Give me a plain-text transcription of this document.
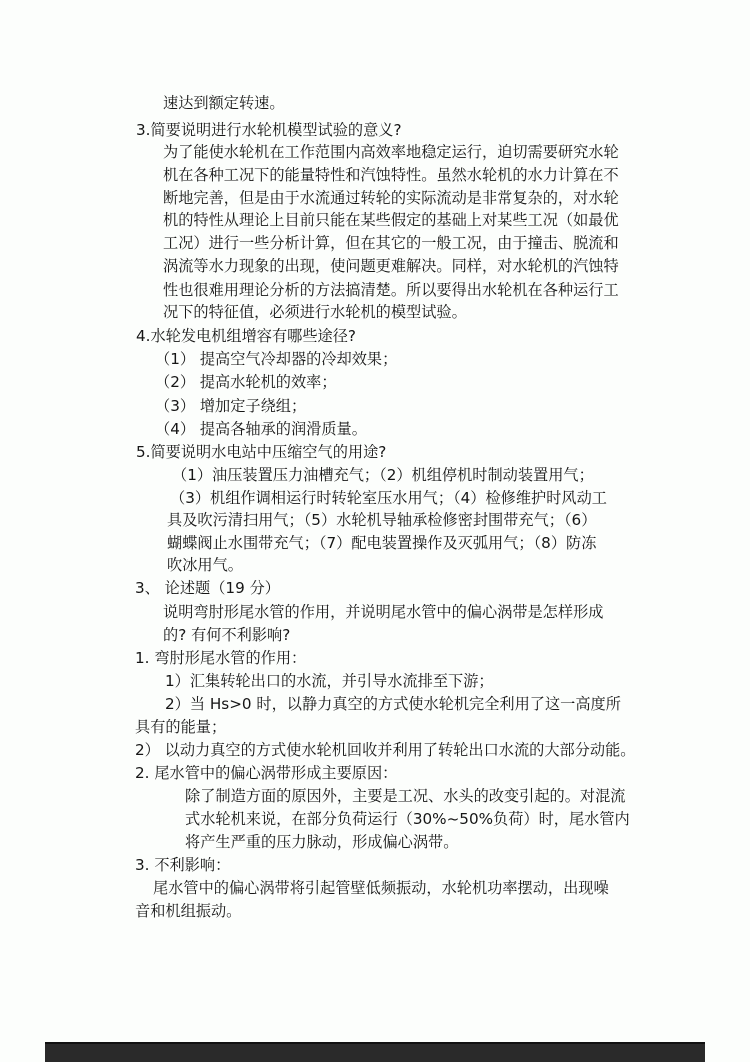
速达到额定转速。
3.简要说明进行水轮机模型试验的意义?
为了能使水轮机在工作范围内高效率地稳定运行，迫切需要研究水轮
机在各种工况下的能量特性和汽蚀特性。虽然水轮机的水力计算在不
断地完善，但是由于水流通过转轮的实际流动是非常复杂的，对水轮
机的特性从理论上目前只能在某些假定的基础上对某些工况（如最优
工况）进行一些分析计算，但在其它的一般工况，由于撞击、脱流和
涡流等水力现象的出现，使问题更难解决。同样，对水轮机的汽蚀特
性也很难用理论分析的方法搞清楚。所以要得出水轮机在各种运行工
况下的特征值，必须进行水轮机的模型试验。
4.水轮发电机组增容有哪些途径?
（1） 提高空气冷却器的冷却效果；
（2） 提高水轮机的效率；
（3） 增加定子绕组；
（4） 提高各轴承的润滑质量。
5.简要说明水电站中压缩空气的用途?
（1）油压装置压力油槽充气；（2）机组停机时制动装置用气；
（3）机组作调相运行时转轮室压水用气；（4）检修维护时风动工
具及吹污清扫用气；（5）水轮机导轴承检修密封围带充气；（6）
蝴蝶阀止水围带充气；（7）配电装置操作及灭弧用气；（8）防冻
吹冰用气。
3、 论述题（19 分）
说明弯肘形尾水管的作用，并说明尾水管中的偏心涡带是怎样形成
的? 有何不利影响?
1. 弯肘形尾水管的作用：
1）汇集转轮出口的水流，并引导水流排至下游；
2）当 Hs>0 时，以静力真空的方式使水轮机完全利用了这一高度所
具有的能量；
2） 以动力真空的方式使水轮机回收并利用了转轮出口水流的大部分动能。
2. 尾水管中的偏心涡带形成主要原因：
除了制造方面的原因外，主要是工况、水头的改变引起的。对混流
式水轮机来说，在部分负荷运行（30%~50%负荷）时，尾水管内
将产生严重的压力脉动，形成偏心涡带。
3. 不利影响：
尾水管中的偏心涡带将引起管壁低频振动，水轮机功率摆动，出现噪
音和机组振动。
